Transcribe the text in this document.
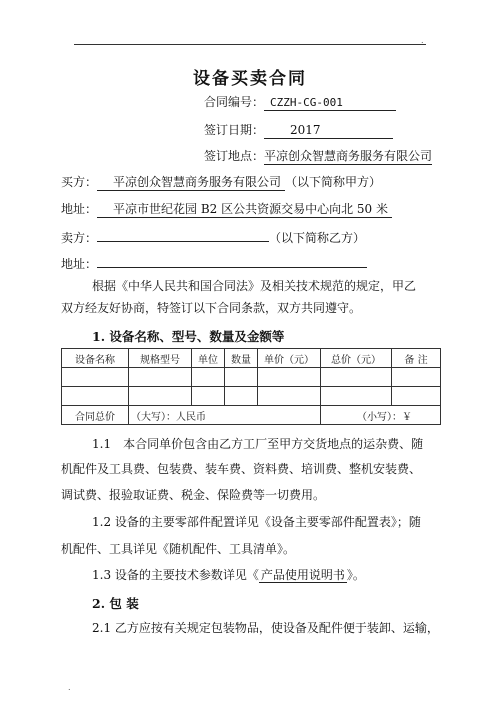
.
设备买卖合同
合同编号： CZZH-CG-001
签订日期： 2017
签订地点：平凉创众智慧商务服务有限公司
买方： 平凉创众智慧商务服务有限公司 （以下简称甲方）
地址： 平凉市世纪花园 B2 区公共资源交易中心向北 50 米
卖方：	（以下简称乙方）
地址：
根据《中华人民共和国合同法》及相关技术规范的规定，甲乙
双方经友好协商，特签订以下合同条款，双方共同遵守。
1. 设备名称、型号、数量及金额等
设备名称	规格型号	单位	数量	单价（元）	总价（元）	备 注

合同总价	（大写）：人民币				（小写）：￥	
1.1　本合同单价包含由乙方工厂至甲方交货地点的运杂费、随
机配件及工具费、包装费、装车费、资料费、培训费、整机安装费、
调试费、报验取证费、税金、保险费等一切费用。
1.2 设备的主要零部件配置详见《设备主要零部件配置表》；随
机配件、工具详见《随机配件、工具清单》。
1.3 设备的主要技术参数详见《 产品使用说明书 》。
2. 包 装
2.1 乙方应按有关规定包装物品，使设备及配件便于装卸、运输，
.
